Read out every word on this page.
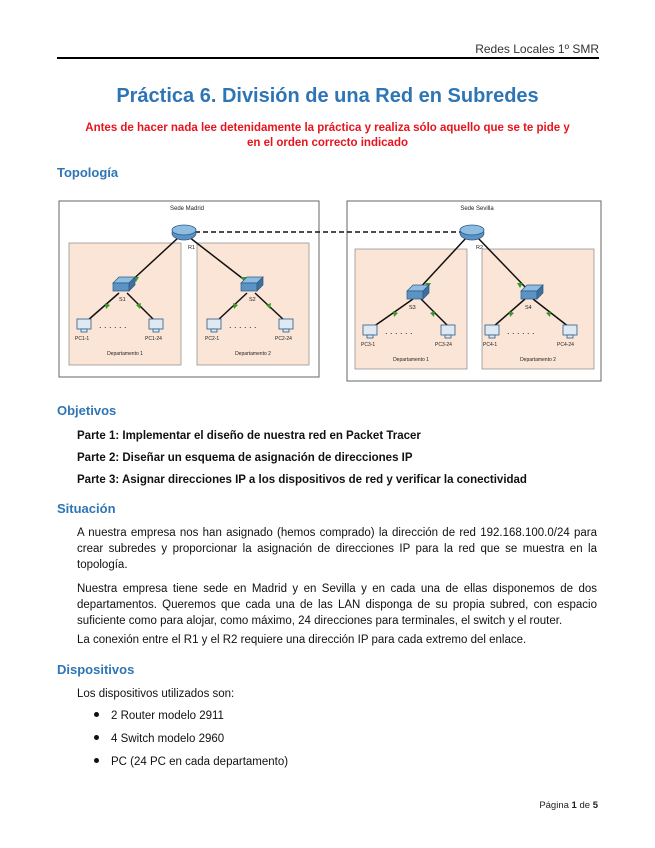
Redes Locales 1º SMR
Práctica 6. División de una Red en Subredes
Antes de hacer nada lee detenidamente la práctica y realiza sólo aquello que se te pide y
en el orden correcto indicado
Topología
Sede Madrid	Sede Sevilla
R1	R2
S1	S2
S3	S4
. . . . . .	. . . . . .
. . . . . .	. . . . . .
PC1-1	PC1-24	PC2-1	PC2-24
PC3-1	PC3-24	PC4-1	PC4-24
Departamento 1	Departamento 2
Departamento 1	Departamento 2
Objetivos
Parte 1: Implementar el diseño de nuestra red en Packet Tracer
Parte 2: Diseñar un esquema de asignación de direcciones IP
Parte 3: Asignar direcciones IP a los dispositivos de red y verificar la conectividad
Situación
A nuestra empresa nos han asignado (hemos comprado) la dirección de red 192.168.100.0/24 para crear subredes y proporcionar la asignación de direcciones IP para la red que se muestra en la topología.
Nuestra empresa tiene sede en Madrid y en Sevilla y en cada una de ellas disponemos de dos departamentos. Queremos que cada una de las LAN disponga de su propia subred, con espacio suficiente como para alojar, como máximo, 24 direcciones para terminales, el switch y el router.
La conexión entre el R1 y el R2 requiere una dirección IP para cada extremo del enlace.
Dispositivos
Los dispositivos utilizados son:
2 Router modelo 2911
4 Switch modelo 2960
PC (24 PC en cada departamento)
Página 1 de 5
